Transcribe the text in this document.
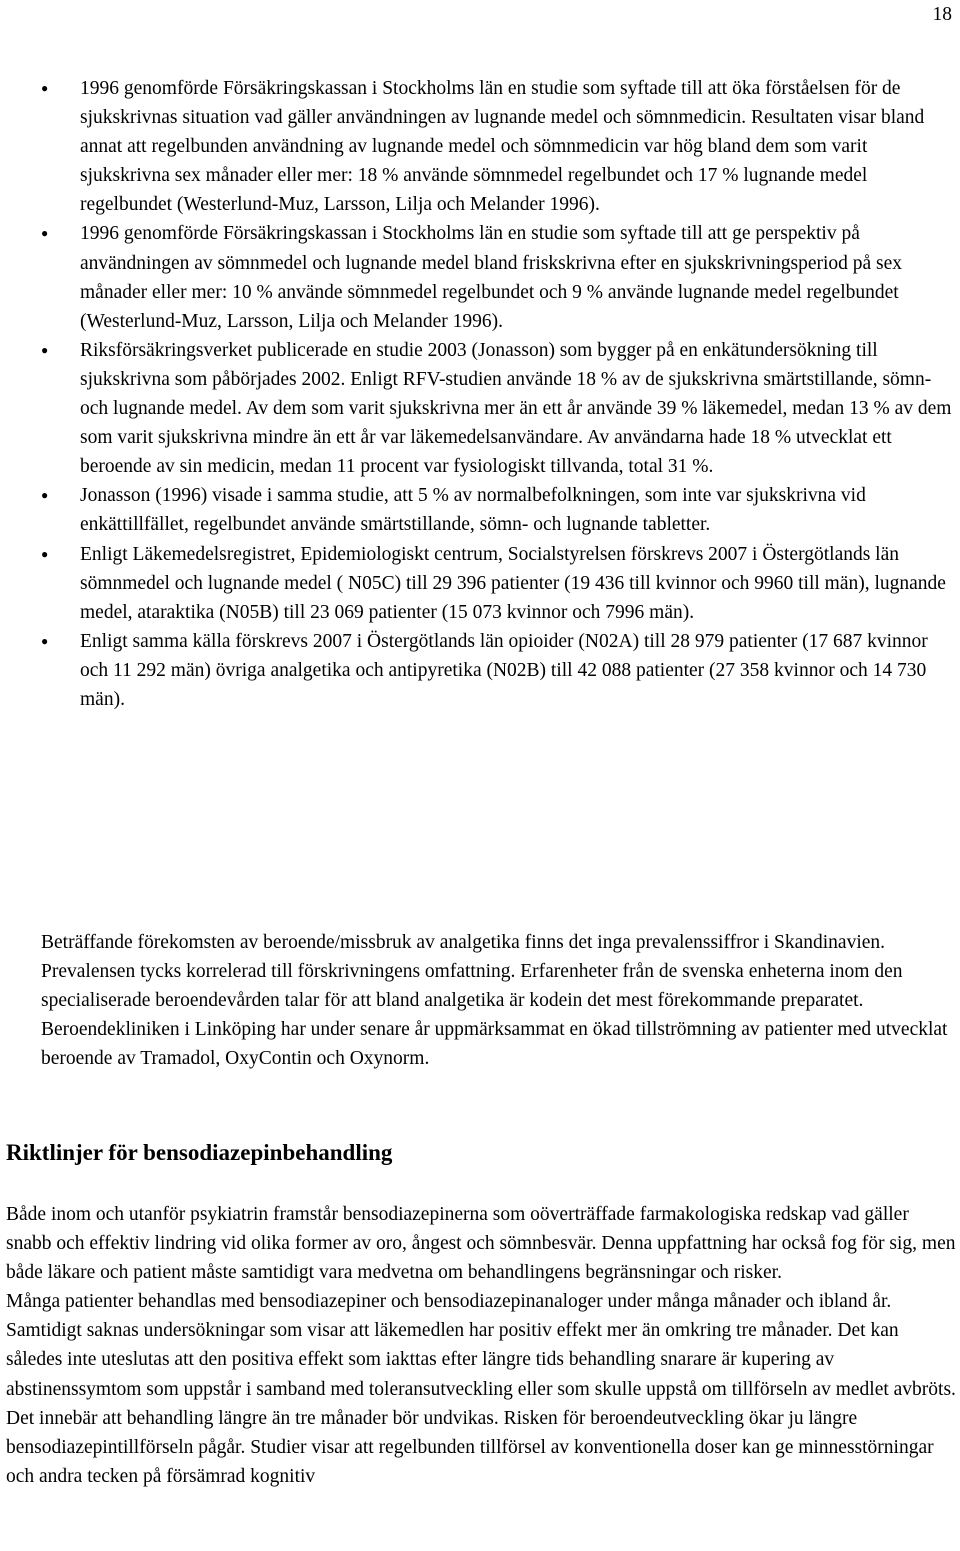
18
● 1996 genomförde Försäkringskassan i Stockholms län en studie som syftade till att öka förståelsen för de sjukskrivnas situation vad gäller användningen av lugnande medel och sömnmedicin. Resultaten visar bland annat att regelbunden användning av lugnande medel och sömnmedicin var hög bland dem som varit sjukskrivna sex månader eller mer: 18 % använde sömnmedel regelbundet och 17 % lugnande medel regelbundet (Westerlund-Muz, Larsson, Lilja och Melander 1996).
● 1996 genomförde Försäkringskassan i Stockholms län en studie som syftade till att ge perspektiv på användningen av sömnmedel och lugnande medel bland friskskrivna efter en sjukskrivningsperiod på sex månader eller mer: 10 % använde sömnmedel regelbundet och 9 % använde lugnande medel regelbundet (Westerlund-Muz, Larsson, Lilja och Melander 1996).
● Riksförsäkringsverket publicerade en studie 2003 (Jonasson) som bygger på en enkätundersökning till sjukskrivna som påbörjades 2002. Enligt RFV-studien använde 18 % av de sjukskrivna smärtstillande, sömn- och lugnande medel. Av dem som varit sjukskrivna mer än ett år använde 39 % läkemedel, medan 13 % av dem som varit sjukskrivna mindre än ett år var läkemedelsanvändare. Av användarna hade 18 % utvecklat ett beroende av sin medicin, medan 11 procent var fysiologiskt tillvanda, total 31 %.
● Jonasson (1996) visade i samma studie, att 5 % av normalbefolkningen, som inte var sjukskrivna vid enkättillfället, regelbundet använde smärtstillande, sömn- och lugnande tabletter.
● Enligt Läkemedelsregistret, Epidemiologiskt centrum, Socialstyrelsen förskrevs 2007 i Östergötlands län sömnmedel och lugnande medel ( N05C) till 29 396 patienter (19 436 till kvinnor och 9960 till män), lugnande medel, ataraktika (N05B) till 23 069 patienter (15 073 kvinnor och 7996 män).
● Enligt samma källa förskrevs 2007 i Östergötlands län opioider (N02A) till 28 979 patienter (17 687 kvinnor och 11 292 män) övriga analgetika och antipyretika (N02B) till 42 088 patienter (27 358 kvinnor och 14 730 män).

Beträffande förekomsten av beroende/missbruk av analgetika finns det inga prevalenssiffror i Skandinavien. Prevalensen tycks korrelerad till förskrivningens omfattning. Erfarenheter från de svenska enheterna inom den specialiserade beroendevården talar för att bland analgetika är kodein det mest förekommande preparatet. Beroendekliniken i Linköping har under senare år uppmärksammat en ökad tillströmning av patienter med utvecklat beroende av Tramadol, OxyContin och Oxynorm.

Riktlinjer för bensodiazepinbehandling

Både inom och utanför psykiatrin framstår bensodiazepinerna som oöverträffade farmakologiska redskap vad gäller snabb och effektiv lindring vid olika former av oro, ångest och sömnbesvär. Denna uppfattning har också fog för sig, men både läkare och patient måste samtidigt vara medvetna om behandlingens begränsningar och risker.

Många patienter behandlas med bensodiazepiner och bensodiazepinanaloger under många månader och ibland år. Samtidigt saknas undersökningar som visar att läkemedlen har positiv effekt mer än omkring tre månader. Det kan således inte uteslutas att den positiva effekt som iakttas efter längre tids behandling snarare är kupering av abstinenssymtom som uppstår i samband med toleransutveckling eller som skulle uppstå om tillförseln av medlet avbröts. Det innebär att behandling längre än tre månader bör undvikas. Risken för beroendeutveckling ökar ju längre bensodiazepintillförseln pågår. Studier visar att regelbunden tillförsel av konventionella doser kan ge minnesstörningar och andra tecken på försämrad kognitiv
